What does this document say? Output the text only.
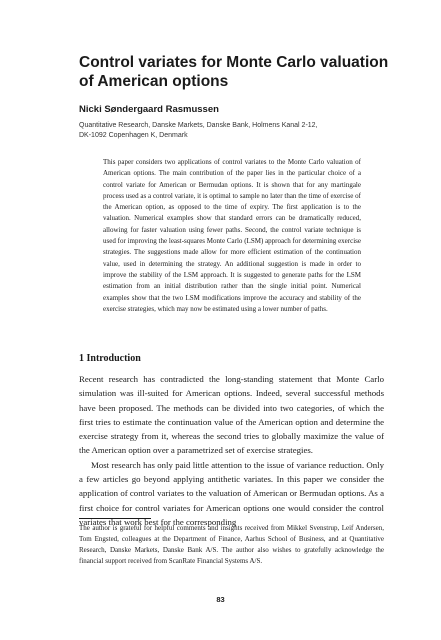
Control variates for Monte Carlo valuation of American options

Nicki Søndergaard Rasmussen

Quantitative Research, Danske Markets, Danske Bank, Holmens Kanal 2-12,
DK-1092 Copenhagen K, Denmark

This paper considers two applications of control variates to the Monte Carlo valuation of American options. The main contribution of the paper lies in the particular choice of a control variate for American or Bermudan options. It is shown that for any martingale process used as a control variate, it is optimal to sample no later than the time of exercise of the American option, as opposed to the time of expiry. The first application is to the valuation. Numerical examples show that standard errors can be dramatically reduced, allowing for faster valuation using fewer paths. Second, the control variate technique is used for improving the least-squares Monte Carlo (LSM) approach for determining exercise strategies. The suggestions made allow for more efficient estimation of the continuation value, used in determining the strategy. An additional suggestion is made in order to improve the stability of the LSM approach. It is suggested to generate paths for the LSM estimation from an initial distribution rather than the single initial point. Numerical examples show that the two LSM modifications improve the accuracy and stability of the exercise strategies, which may now be estimated using a lower number of paths.

1 Introduction

Recent research has contradicted the long-standing statement that Monte Carlo simulation was ill-suited for American options. Indeed, several successful methods have been proposed. The methods can be divided into two categories, of which the first tries to estimate the continuation value of the American option and determine the exercise strategy from it, whereas the second tries to globally maximize the value of the American option over a parametrized set of exercise strategies.

Most research has only paid little attention to the issue of variance reduction. Only a few articles go beyond applying antithetic variates. In this paper we consider the application of control variates to the valuation of American or Bermudan options. As a first choice for control variates for American options one would consider the control variates that work best for the corresponding

The author is grateful for helpful comments and insights received from Mikkel Svenstrup, Leif Andersen, Tom Engsted, colleagues at the Department of Finance, Aarhus School of Business, and at Quantitative Research, Danske Markets, Danske Bank A/S. The author also wishes to gratefully acknowledge the financial support received from ScanRate Financial Systems A/S.

83
